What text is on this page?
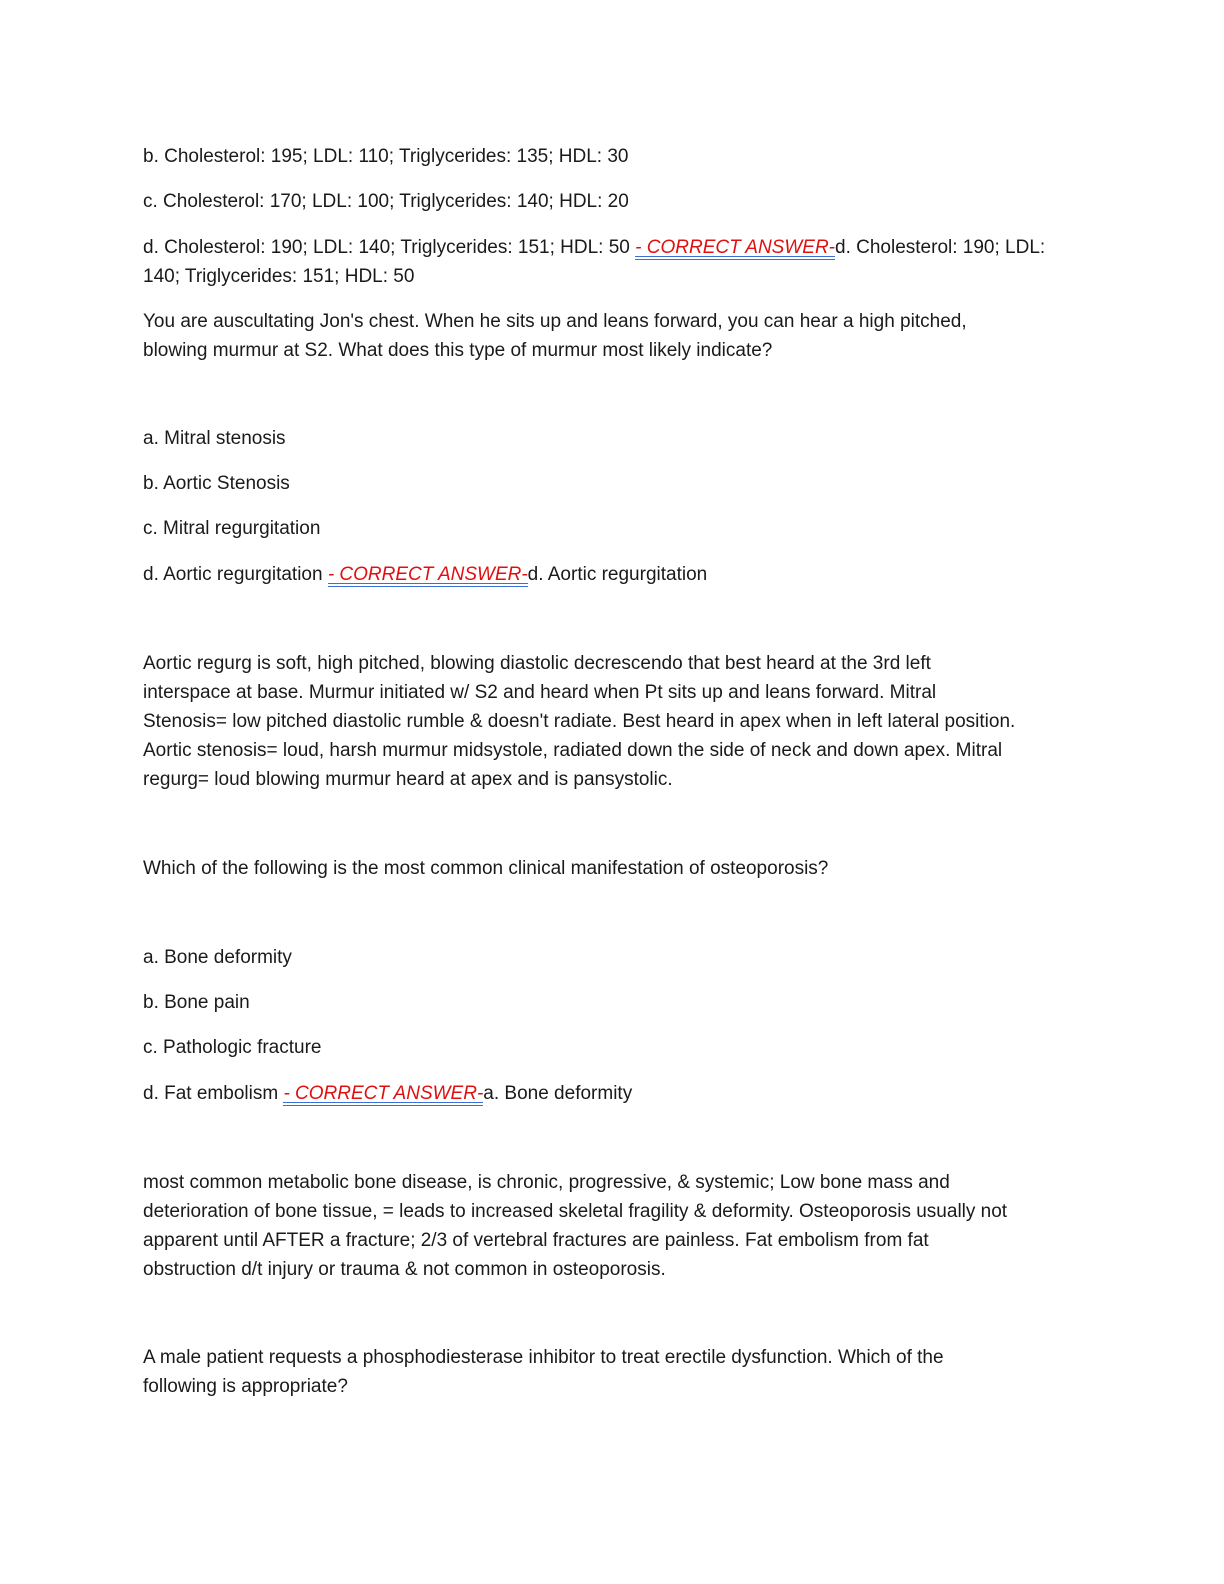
b. Cholesterol: 195; LDL: 110; Triglycerides: 135; HDL: 30
c. Cholesterol: 170; LDL: 100; Triglycerides: 140; HDL: 20
d. Cholesterol: 190; LDL: 140; Triglycerides: 151; HDL: 50 - CORRECT ANSWER-d. Cholesterol: 190; LDL:
140; Triglycerides: 151; HDL: 50
You are auscultating Jon's chest. When he sits up and leans forward, you can hear a high pitched,
blowing murmur at S2. What does this type of murmur most likely indicate?
a. Mitral stenosis
b. Aortic Stenosis
c. Mitral regurgitation
d. Aortic regurgitation - CORRECT ANSWER-d. Aortic regurgitation
Aortic regurg is soft, high pitched, blowing diastolic decrescendo that best heard at the 3rd left
interspace at base. Murmur initiated w/ S2 and heard when Pt sits up and leans forward. Mitral
Stenosis= low pitched diastolic rumble & doesn't radiate. Best heard in apex when in left lateral position.
Aortic stenosis= loud, harsh murmur midsystole, radiated down the side of neck and down apex. Mitral
regurg= loud blowing murmur heard at apex and is pansystolic.
Which of the following is the most common clinical manifestation of osteoporosis?
a. Bone deformity
b. Bone pain
c. Pathologic fracture
d. Fat embolism - CORRECT ANSWER-a. Bone deformity
most common metabolic bone disease, is chronic, progressive, & systemic; Low bone mass and
deterioration of bone tissue, = leads to increased skeletal fragility & deformity. Osteoporosis usually not
apparent until AFTER a fracture; 2/3 of vertebral fractures are painless. Fat embolism from fat
obstruction d/t injury or trauma & not common in osteoporosis.
A male patient requests a phosphodiesterase inhibitor to treat erectile dysfunction. Which of the
following is appropriate?
